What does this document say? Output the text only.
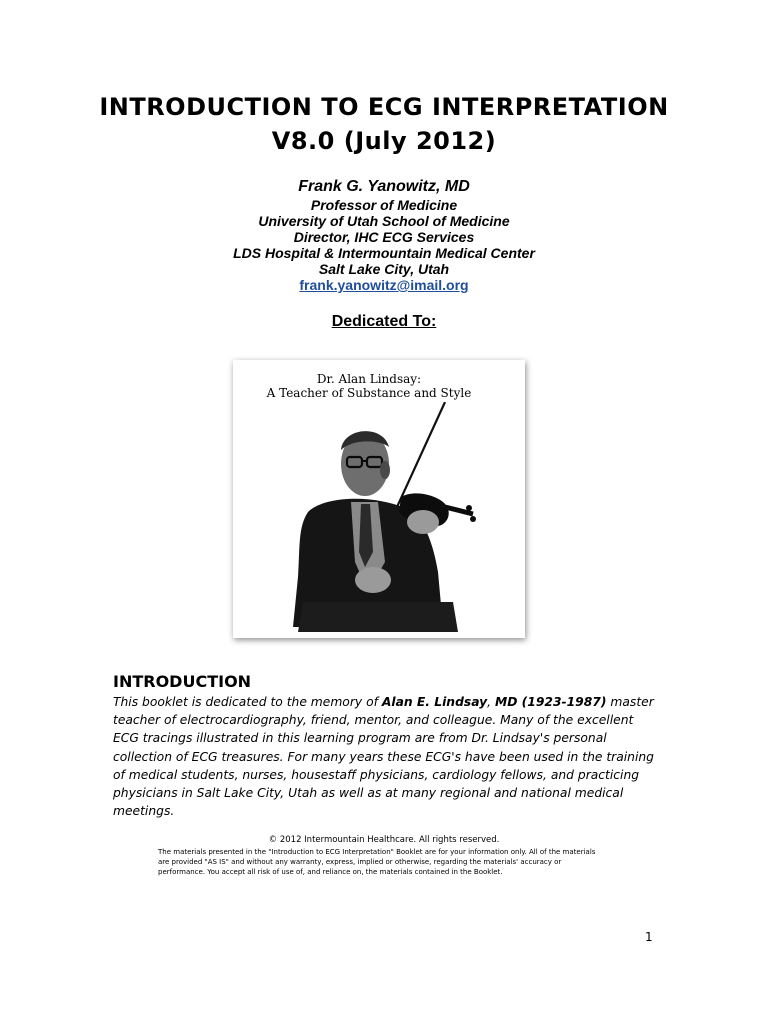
INTRODUCTION TO ECG INTERPRETATION
V8.0 (July 2012)
Frank G. Yanowitz, MD
Professor of Medicine
University of Utah School of Medicine
Director, IHC ECG Services
LDS Hospital & Intermountain Medical Center
Salt Lake City, Utah
frank.yanowitz@imail.org
Dedicated To:
Dr. Alan Lindsay:
A Teacher of Substance and Style
INTRODUCTION
This booklet is dedicated to the memory of Alan E. Lindsay, MD (1923-1987) master teacher of electrocardiography, friend, mentor, and colleague. Many of the excellent ECG tracings illustrated in this learning program are from Dr. Lindsay's personal collection of ECG treasures. For many years these ECG's have been used in the training of medical students, nurses, housestaff physicians, cardiology fellows, and practicing physicians in Salt Lake City, Utah as well as at many regional and national medical meetings.
© 2012 Intermountain Healthcare. All rights reserved.
The materials presented in the "Introduction to ECG Interpretation" Booklet are for your information only. All of the materials are provided "AS IS" and without any warranty, express, implied or otherwise, regarding the materials' accuracy or performance. You accept all risk of use of, and reliance on, the materials contained in the Booklet.
1
